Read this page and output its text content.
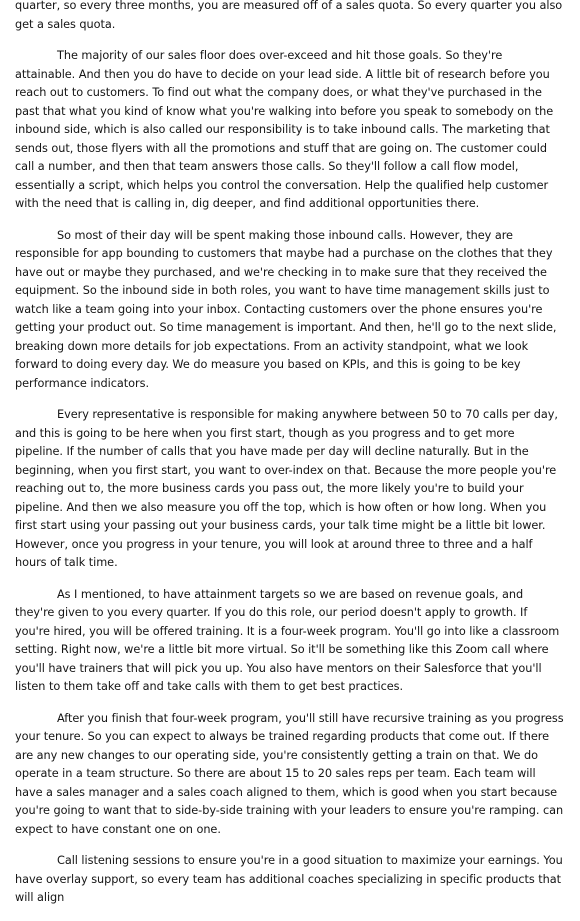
quarter, so every three months, you are measured off of a sales quota. So every quarter you also get a sales quota.

The majority of our sales floor does over-exceed and hit those goals. So they're attainable. And then you do have to decide on your lead side. A little bit of research before you reach out to customers. To find out what the company does, or what they've purchased in the past that what you kind of know what you're walking into before you speak to somebody on the inbound side, which is also called our responsibility is to take inbound calls. The marketing that sends out, those flyers with all the promotions and stuff that are going on. The customer could call a number, and then that team answers those calls. So they'll follow a call flow model, essentially a script, which helps you control the conversation. Help the qualified help customer with the need that is calling in, dig deeper, and find additional opportunities there.

So most of their day will be spent making those inbound calls. However, they are responsible for app bounding to customers that maybe had a purchase on the clothes that they have out or maybe they purchased, and we're checking in to make sure that they received the equipment. So the inbound side in both roles, you want to have time management skills just to watch like a team going into your inbox. Contacting customers over the phone ensures you're getting your product out. So time management is important. And then, he'll go to the next slide, breaking down more details for job expectations. From an activity standpoint, what we look forward to doing every day. We do measure you based on KPIs, and this is going to be key performance indicators.

Every representative is responsible for making anywhere between 50 to 70 calls per day, and this is going to be here when you first start, though as you progress and to get more pipeline. If the number of calls that you have made per day will decline naturally. But in the beginning, when you first start, you want to over-index on that. Because the more people you're reaching out to, the more business cards you pass out, the more likely you're to build your pipeline. And then we also measure you off the top, which is how often or how long. When you first start using your passing out your business cards, your talk time might be a little bit lower. However, once you progress in your tenure, you will look at around three to three and a half hours of talk time.

As I mentioned, to have attainment targets so we are based on revenue goals, and they're given to you every quarter. If you do this role, our period doesn't apply to growth. If you're hired, you will be offered training. It is a four-week program. You'll go into like a classroom setting. Right now, we're a little bit more virtual. So it'll be something like this Zoom call where you'll have trainers that will pick you up. You also have mentors on their Salesforce that you'll listen to them take off and take calls with them to get best practices.

After you finish that four-week program, you'll still have recursive training as you progress your tenure. So you can expect to always be trained regarding products that come out. If there are any new changes to our operating side, you're consistently getting a train on that. We do operate in a team structure. So there are about 15 to 20 sales reps per team. Each team will have a sales manager and a sales coach aligned to them, which is good when you start because you're going to want that to side-by-side training with your leaders to ensure you're ramping. can expect to have constant one on one.

Call listening sessions to ensure you're in a good situation to maximize your earnings. You have overlay support, so every team has additional coaches specializing in specific products that will align
